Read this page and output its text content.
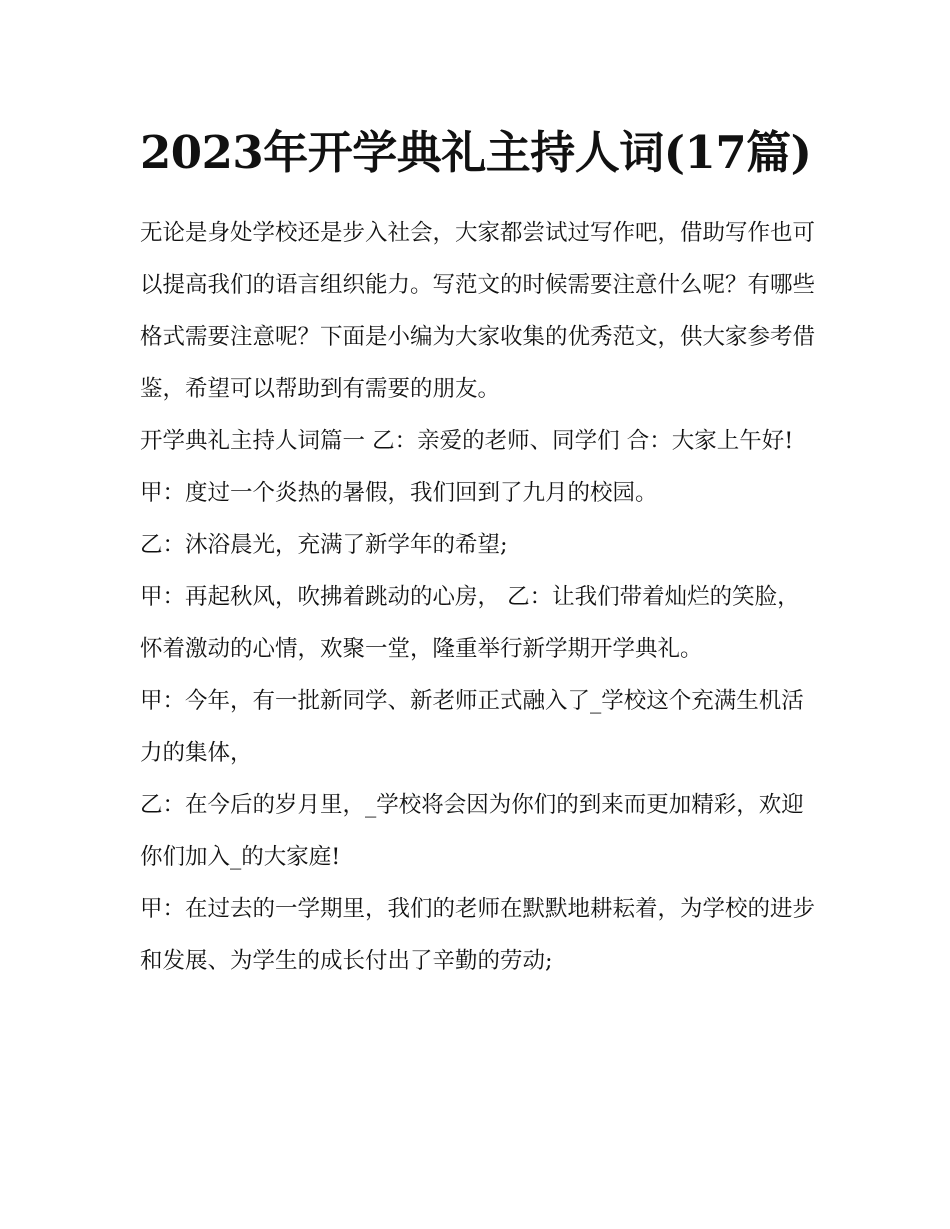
2023年开学典礼主持人词(17篇)

无论是身处学校还是步入社会，大家都尝试过写作吧，借助写作也可以提高我们的语言组织能力。写范文的时候需要注意什么呢？有哪些格式需要注意呢？下面是小编为大家收集的优秀范文，供大家参考借鉴，希望可以帮助到有需要的朋友。

开学典礼主持人词篇一 乙：亲爱的老师、同学们 合：大家上午好! 甲：度过一个炎热的暑假，我们回到了九月的校园。

乙：沐浴晨光，充满了新学年的希望;

甲：再起秋风，吹拂着跳动的心房， 乙：让我们带着灿烂的笑脸，怀着激动的心情，欢聚一堂，隆重举行新学期开学典礼。

甲：今年，有一批新同学、新老师正式融入了_学校这个充满生机活力的集体，

乙：在今后的岁月里，_学校将会因为你们的到来而更加精彩，欢迎你们加入_的大家庭!

甲：在过去的一学期里，我们的老师在默默地耕耘着，为学校的进步和发展、为学生的成长付出了辛勤的劳动;
